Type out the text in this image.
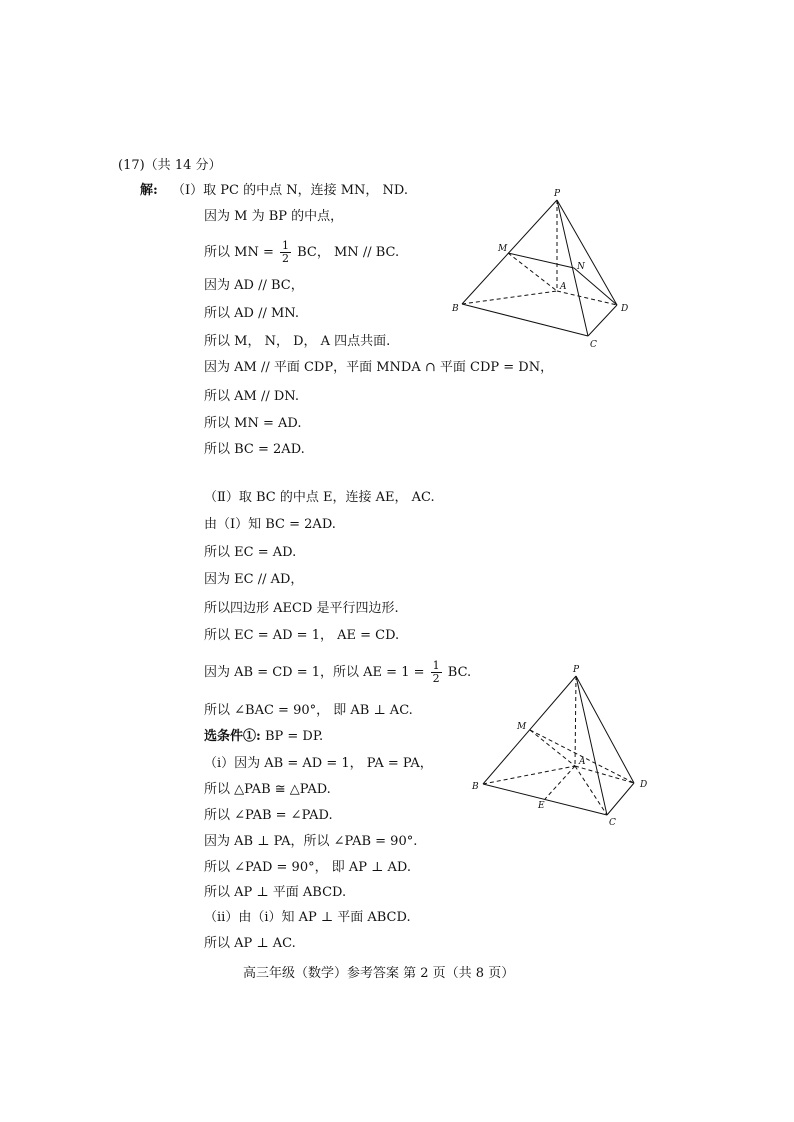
(17)（共 14 分）
解: （Ⅰ）取 PC 的中点 N，连接 MN， ND.
因为 M 为 BP 的中点，
所以 MN = $\frac{1}{2}$ BC， MN // BC.
因为 AD // BC，
所以 AD // MN.
所以 M， N， D， A 四点共面.
因为 AM // 平面 CDP，平面 MNDA ∩ 平面 CDP = DN，
所以 AM // DN.
所以 MN = AD.
所以 BC = 2AD.
（Ⅱ）取 BC 的中点 E，连接 AE， AC.
由（Ⅰ）知 BC = 2AD.
所以 EC = AD.
因为 EC // AD，
所以四边形 AECD 是平行四边形.
所以 EC = AD = 1， AE = CD.
因为 AB = CD = 1，所以 AE = $1 = \frac{1}{2}$ BC.
所以 ∠BAC = 90°， 即 AB ⊥ AC.
选条件①: BP = DP.
（ⅰ）因为 AB = AD = 1， PA = PA，
所以 △PAB ≅ △PAD.
所以 ∠PAB = ∠PAD.
因为 AB ⊥ PA，所以 ∠PAB = 90°.
所以 ∠PAD = 90°， 即 AP ⊥ AD.
所以 AP ⊥ 平面 ABCD.
（ⅱ）由（ⅰ）知 AP ⊥ 平面 ABCD.
所以 AP ⊥ AC.
高三年级（数学）参考答案 第 2 页（共 8 页）
P
M
N
A
B
C
D
P
M
A
B
E
C
D
